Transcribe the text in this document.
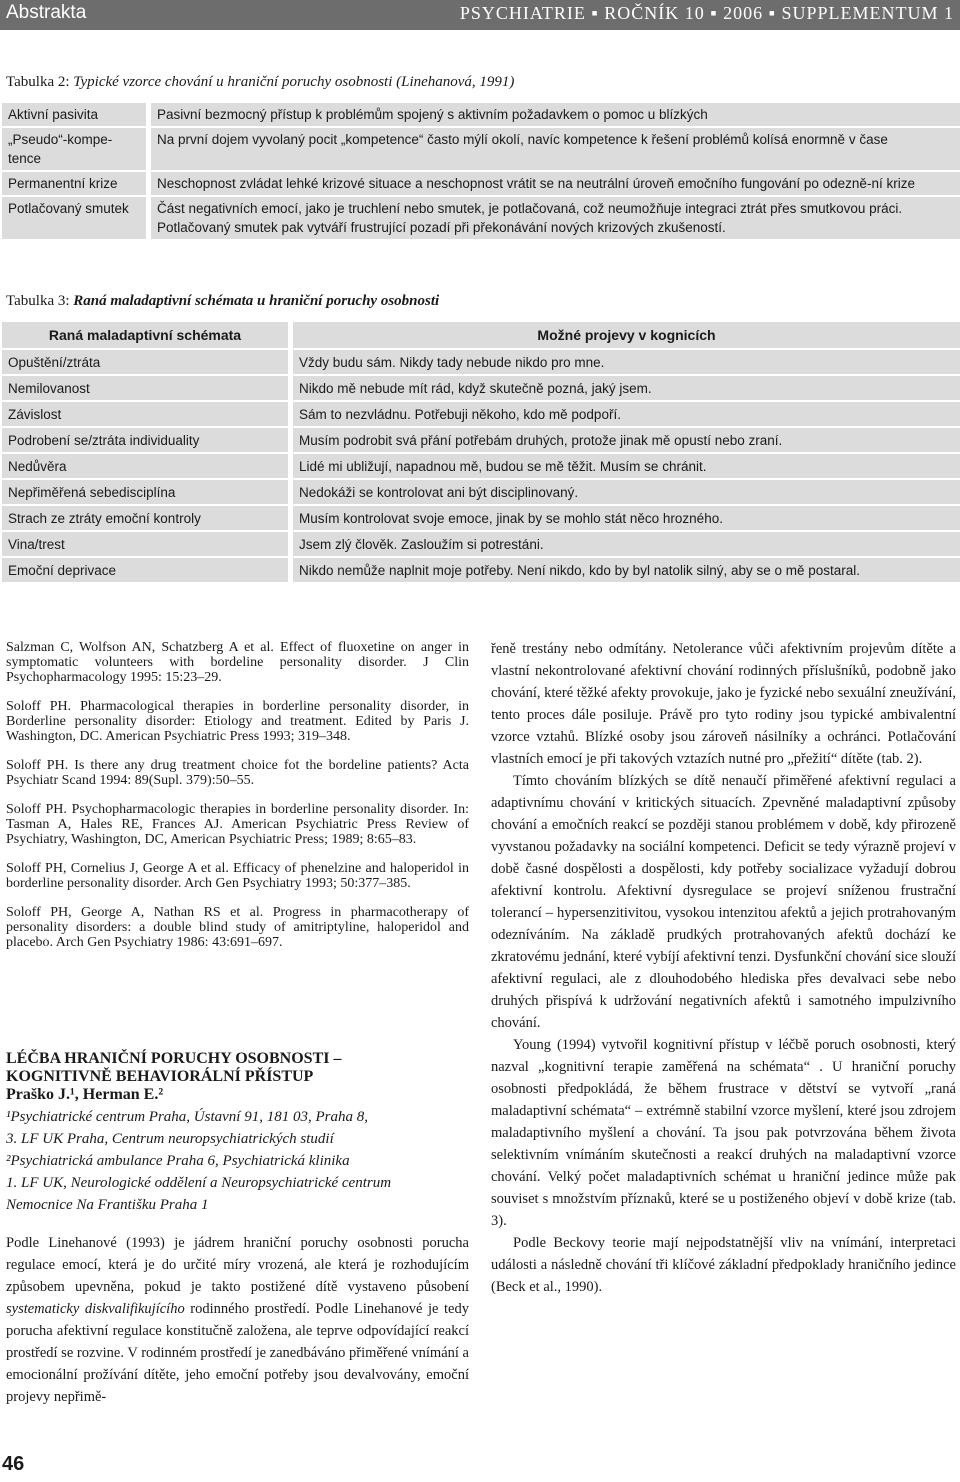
Abstrakta	PSYCHIATRIE ▪ ROČNÍK 10 ▪ 2006 ▪ SUPPLEMENTUM 1
Tabulka 2: Typické vzorce chování u hraniční poruchy osobnosti (Linehanová, 1991)
Aktivní pasivita		Pasivní bezmocný přístup k problémům spojený s aktivním požadavkem o pomoc u blízkých
„Pseudo“-kompe-tence		Na první dojem vyvolaný pocit „kompetence“ často mýlí okolí, navíc kompetence k řešení problémů kolísá enormně v čase
Permanentní krize		Neschopnost zvládat lehké krizové situace a neschopnost vrátit se na neutrální úroveň emočního fungování po odezně-ní krize
Potlačovaný smutek		Část negativních emocí, jako je truchlení nebo smutek, je potlačovaná, což neumožňuje integraci ztrát přes smutkovou práci. Potlačovaný smutek pak vytváří frustrující pozadí při překonávání nových krizových zkušeností.
Tabulka 3: Raná maladaptivní schémata u hraniční poruchy osobnosti
Raná maladaptivní schémata		Možné projevy v kognicích
Opuštění/ztráta		Vždy budu sám. Nikdy tady nebude nikdo pro mne.
Nemilovanost		Nikdo mě nebude mít rád, když skutečně pozná, jaký jsem.
Závislost		Sám to nezvládnu. Potřebuji někoho, kdo mě podpoří.
Podrobení se/ztráta individuality		Musím podrobit svá přání potřebám druhých, protože jinak mě opustí nebo zraní.
Nedůvěra		Lidé mi ubližují, napadnou mě, budou se mě těžit. Musím se chránit.
Nepřiměřená sebedisciplína		Nedokáži se kontrolovat ani být disciplinovaný.
Strach ze ztráty emoční kontroly		Musím kontrolovat svoje emoce, jinak by se mohlo stát něco hrozného.
Vina/trest		Jsem zlý člověk. Zasloužím si potrestáni.
Emoční deprivace		Nikdo nemůže naplnit moje potřeby. Není nikdo, kdo by byl natolik silný, aby se o mě postaral.

Salzman C, Wolfson AN, Schatzberg A et al. Effect of fluoxetine on anger in symptomatic volunteers with bordeline personality disorder. J Clin Psychopharmacology 1995: 15:23–29.

Soloff PH. Pharmacological therapies in borderline personality disorder, in Borderline personality disorder: Etiology and treatment. Edited by Paris J. Washington, DC. American Psychiatric Press 1993; 319–348.

Soloff PH. Is there any drug treatment choice fot the bordeline patients? Acta Psychiatr Scand 1994: 89(Supl. 379):50–55.

Soloff PH. Psychopharmacologic therapies in borderline personality disorder. In: Tasman A, Hales RE, Frances AJ. American Psychiatric Press Review of Psychiatry, Washington, DC, American Psychiatric Press; 1989; 8:65–83.

Soloff PH, Cornelius J, George A et al. Efficacy of phenelzine and haloperidol in borderline personality disorder. Arch Gen Psychiatry 1993; 50:377–385.

Soloff PH, George A, Nathan RS et al. Progress in pharmacotherapy of personality disorders: a double blind study of amitriptyline, haloperidol and placebo. Arch Gen Psychiatry 1986: 43:691–697.

LÉČBA HRANIČNÍ PORUCHY OSOBNOSTI –

KOGNITIVNĚ BEHAVIORÁLNÍ PŘÍSTUP

Praško J.¹, Herman E.²

¹Psychiatrické centrum Praha, Ústavní 91, 181 03, Praha 8,

3. LF UK Praha, Centrum neuropsychiatrických studií

²Psychiatrická ambulance Praha 6, Psychiatrická klinika

1. LF UK, Neurologické oddělení a Neuropsychiatrické centrum

Nemocnice Na Františku Praha 1

Podle Linehanové (1993) je jádrem hraniční poruchy osobnosti porucha regulace emocí, která je do určité míry vrozená, ale která je rozhodujícím způsobem upevněna, pokud je takto postižené dítě vystaveno působení systematicky diskvalifikujícího rodinného prostředí. Podle Linehanové je tedy porucha afektivní regulace konstitučně založena, ale teprve odpovídající reakcí prostředí se rozvine. V rodinném prostředí je zanedbáváno přiměřené vnímání a emocionální prožívání dítěte, jeho emoční potřeby jsou devalvovány, emoční projevy nepřimě-

řeně trestány nebo odmítány. Netolerance vůči afektivním projevům dítěte a vlastní nekontrolované afektivní chování rodinných příslušníků, podobně jako chování, které těžké afekty provokuje, jako je fyzické nebo sexuální zneužívání, tento proces dále posiluje. Právě pro tyto rodiny jsou typické ambivalentní vzorce vztahů. Blízké osoby jsou zároveň násilníky a ochránci. Potlačování vlastních emocí je při takových vztazích nutné pro „přežití“ dítěte (tab. 2).

Tímto chováním blízkých se dítě nenaučí přiměřené afektivní regulaci a adaptivnímu chování v kritických situacích. Zpevněné maladaptivní způsoby chování a emočních reakcí se později stanou problémem v době, kdy přirozeně vyvstanou požadavky na sociální kompetenci. Deficit se tedy výrazně projeví v době časné dospělosti a dospělosti, kdy potřeby socializace vyžadují dobrou afektivní kontrolu. Afektivní dysregulace se projeví sníženou frustrační tolerancí – hypersenzitivitou, vysokou intenzitou afektů a jejich protrahovaným odezníváním. Na základě prudkých protrahovaných afektů dochází ke zkratovému jednání, které vybíjí afektivní tenzi. Dysfunkční chování sice slouží afektivní regulaci, ale z dlouhodobého hlediska přes devalvaci sebe nebo druhých přispívá k udržování negativních afektů i samotného impulzivního chování.

Young (1994) vytvořil kognitivní přístup v léčbě poruch osobnosti, který nazval „kognitivní terapie zaměřená na schémata“ . U hraniční poruchy osobnosti předpokládá, že během frustrace v dětství se vytvoří „raná maladaptivní schémata“ – extrémně stabilní vzorce myšlení, které jsou zdrojem maladaptivního myšlení a chování. Ta jsou pak potvrzována během života selektivním vnímáním skutečnosti a reakcí druhých na maladaptivní vzorce chování. Velký počet maladaptivních schémat u hraniční jedince může pak souviset s množstvím příznaků, které se u postiženého objeví v době krize (tab. 3).

Podle Beckovy teorie mají nejpodstatnější vliv na vnímání, interpretaci události a následně chování tři klíčové základní předpoklady hraničního jedince (Beck et al., 1990).

46
